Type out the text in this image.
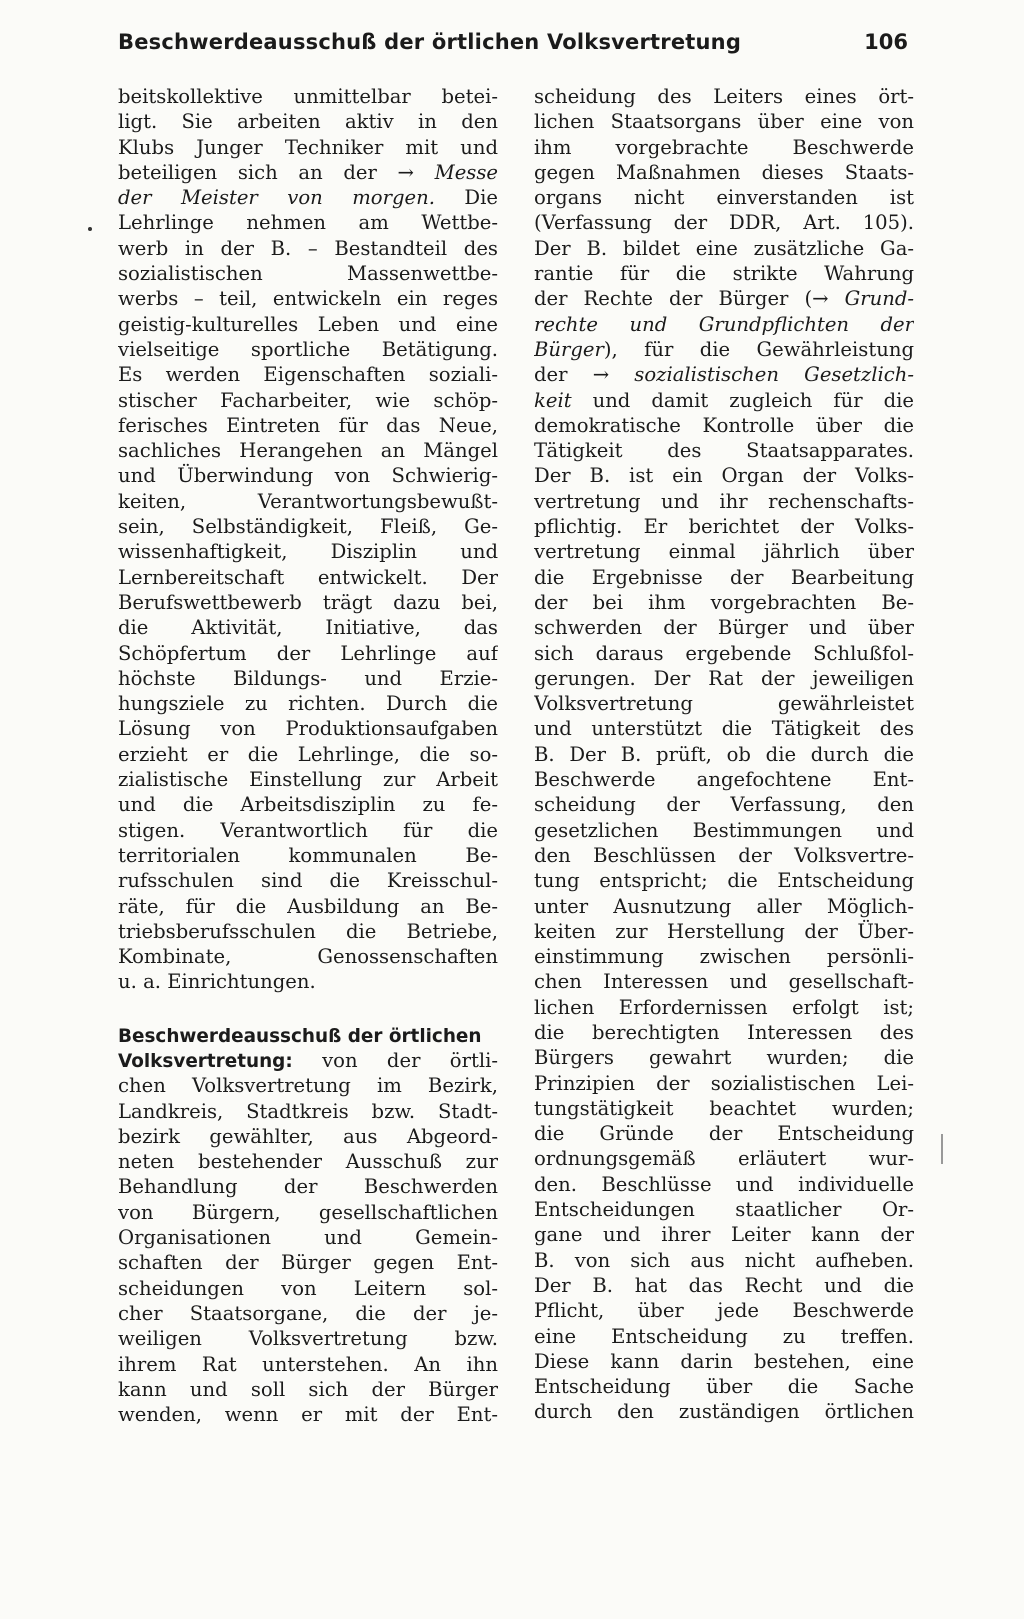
Beschwerdeausschuß der örtlichen Volksvertretung	106
beitskollektive unmittelbar betei-
ligt. Sie arbeiten aktiv in den
Klubs Junger Techniker mit und
beteiligen sich an der → Messe
der Meister von morgen. Die
Lehrlinge nehmen am Wettbe-
werb in der B. – Bestandteil des
sozialistischen Massenwettbe-
werbs – teil, entwickeln ein reges
geistig-kulturelles Leben und eine
vielseitige sportliche Betätigung.
Es werden Eigenschaften soziali-
stischer Facharbeiter, wie schöp-
ferisches Eintreten für das Neue,
sachliches Herangehen an Mängel
und Überwindung von Schwierig-
keiten, Verantwortungsbewußt-
sein, Selbständigkeit, Fleiß, Ge-
wissenhaftigkeit, Disziplin und
Lernbereitschaft entwickelt. Der
Berufswettbewerb trägt dazu bei,
die Aktivität, Initiative, das
Schöpfertum der Lehrlinge auf
höchste Bildungs- und Erzie-
hungsziele zu richten. Durch die
Lösung von Produktionsaufgaben
erzieht er die Lehrlinge, die so-
zialistische Einstellung zur Arbeit
und die Arbeitsdisziplin zu fe-
stigen. Verantwortlich für die
territorialen kommunalen Be-
rufsschulen sind die Kreisschul-
räte, für die Ausbildung an Be-
triebsberufsschulen die Betriebe,
Kombinate, Genossenschaften
u. a. Einrichtungen.
Beschwerdeausschuß der örtlichen
Volksvertretung: von der örtli-
chen Volksvertretung im Bezirk,
Landkreis, Stadtkreis bzw. Stadt-
bezirk gewählter, aus Abgeord-
neten bestehender Ausschuß zur
Behandlung der Beschwerden
von Bürgern, gesellschaftlichen
Organisationen und Gemein-
schaften der Bürger gegen Ent-
scheidungen von Leitern sol-
cher Staatsorgane, die der je-
weiligen Volksvertretung bzw.
ihrem Rat unterstehen. An ihn
kann und soll sich der Bürger
wenden, wenn er mit der Ent-
scheidung des Leiters eines ört-
lichen Staatsorgans über eine von
ihm vorgebrachte Beschwerde
gegen Maßnahmen dieses Staats-
organs nicht einverstanden ist
(Verfassung der DDR, Art. 105).
Der B. bildet eine zusätzliche Ga-
rantie für die strikte Wahrung
der Rechte der Bürger (→ Grund-
rechte und Grundpflichten der
Bürger), für die Gewährleistung
der → sozialistischen Gesetzlich-
keit und damit zugleich für die
demokratische Kontrolle über die
Tätigkeit des Staatsapparates.
Der B. ist ein Organ der Volks-
vertretung und ihr rechenschafts-
pflichtig. Er berichtet der Volks-
vertretung einmal jährlich über
die Ergebnisse der Bearbeitung
der bei ihm vorgebrachten Be-
schwerden der Bürger und über
sich daraus ergebende Schlußfol-
gerungen. Der Rat der jeweiligen
Volksvertretung gewährleistet
und unterstützt die Tätigkeit des
B. Der B. prüft, ob die durch die
Beschwerde angefochtene Ent-
scheidung der Verfassung, den
gesetzlichen Bestimmungen und
den Beschlüssen der Volksvertre-
tung entspricht; die Entscheidung
unter Ausnutzung aller Möglich-
keiten zur Herstellung der Über-
einstimmung zwischen persönli-
chen Interessen und gesellschaft-
lichen Erfordernissen erfolgt ist;
die berechtigten Interessen des
Bürgers gewahrt wurden; die
Prinzipien der sozialistischen Lei-
tungstätigkeit beachtet wurden;
die Gründe der Entscheidung
ordnungsgemäß erläutert wur-
den. Beschlüsse und individuelle
Entscheidungen staatlicher Or-
gane und ihrer Leiter kann der
B. von sich aus nicht aufheben.
Der B. hat das Recht und die
Pflicht, über jede Beschwerde
eine Entscheidung zu treffen.
Diese kann darin bestehen, eine
Entscheidung über die Sache
durch den zuständigen örtlichen
